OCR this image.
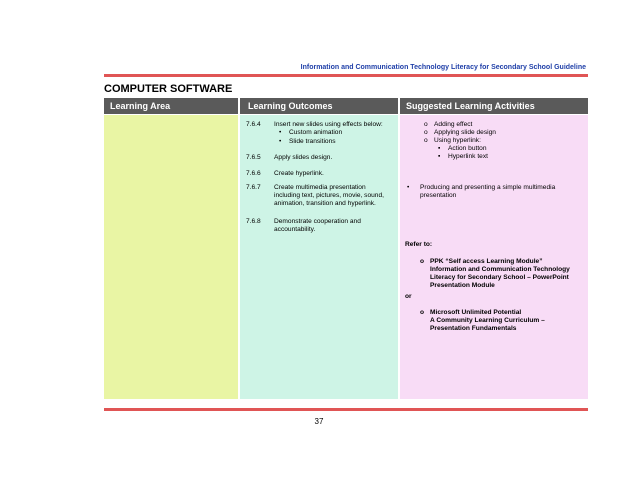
Information and Communication Technology Literacy for Secondary School Guideline
COMPUTER SOFTWARE
Learning Area	Learning Outcomes	Suggested Learning Activities
7.6.4 Insert new slides using effects below:
• Custom animation
• Slide transitions
7.6.5 Apply slides design.
7.6.6 Create hyperlink.
7.6.7 Create multimedia presentation
including text, pictures, movie, sound,
animation, transition and hyperlink.
7.6.8 Demonstrate cooperation and
accountability.
o Adding effect
o Applying slide design
o Using hyperlink:
▪ Action button
▪ Hyperlink text
• Producing and presenting a simple multimedia
presentation
Refer to:
o PPK “Self access Learning Module”
Information and Communication Technology
Literacy for Secondary School – PowerPoint
Presentation Module
or
o Microsoft Unlimited Potential
A Community Learning Curriculum –
Presentation Fundamentals
37
